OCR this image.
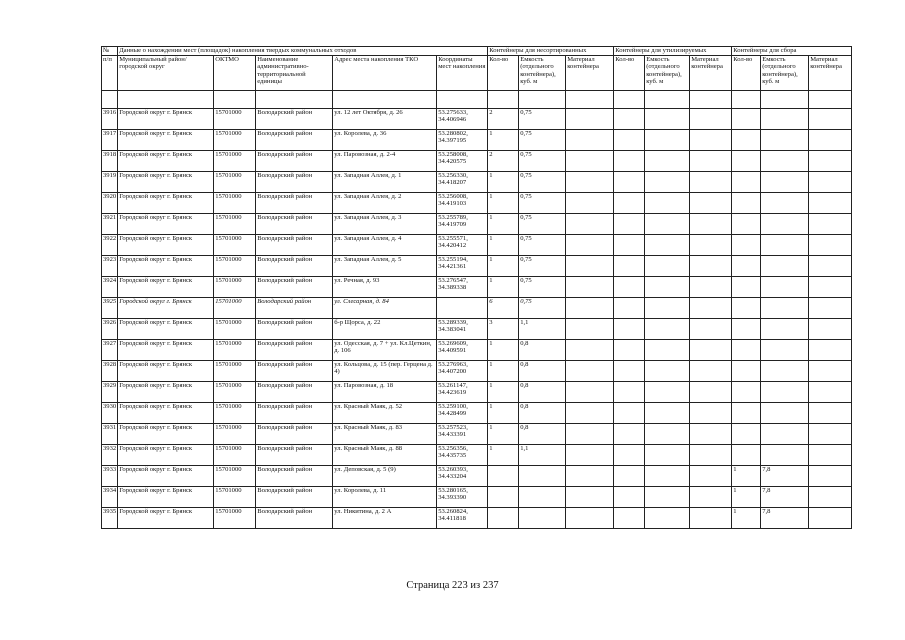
№	Данные о нахождении мест (площадок) накопления твердых коммунальных отходов					Контейнеры для несортированных			Контейнеры для утилизируемых			Контейнеры для сбора		
п/п	Муниципальный район/городской округ	ОКТМО	Наименование административно-территориальной единицы	Адрес места накопления ТКО	Координаты мест накопления	Кол-во	Емкость (отдельного контейнера), куб. м	Материал контейнера	Кол-во	Емкость (отдельного контейнера), куб. м	Материал контейнера	Кол-во	Емкость (отдельного контейнера), куб. м	Материал контейнера

3916	Городской округ г. Брянск	15701000	Володарский район	ул. 12 лет Октября, д. 26	53.275633, 34.406946	2	0,75							
3917	Городской округ г. Брянск	15701000	Володарский район	ул. Королева, д. 36	53.280802, 34.397195	1	0,75							
3918	Городской округ г. Брянск	15701000	Володарский район	ул. Паровозная, д. 2-4	53.258008, 34.420575	2	0,75							
3919	Городской округ г. Брянск	15701000	Володарский район	ул. Западная Аллея, д. 1	53.256330, 34.418207	1	0,75							
3920	Городской округ г. Брянск	15701000	Володарский район	ул. Западная Аллея, д. 2	53.256008, 34.419103	1	0,75							
3921	Городской округ г. Брянск	15701000	Володарский район	ул. Западная Аллея, д. 3	53.255789, 34.419709	1	0,75							
3922	Городской округ г. Брянск	15701000	Володарский район	ул. Западная Аллея, д. 4	53.255571, 34.420412	1	0,75							
3923	Городской округ г. Брянск	15701000	Володарский район	ул. Западная Аллея, д. 5	53.255194, 34.421361	1	0,75							
3924	Городской округ г. Брянск	15701000	Володарский район	ул. Речная, д. 93	53.276547, 34.389338	1	0,75							
3925	Городской округ г. Брянск	15701000	Володарский район	ул. Слесарная, д. 84		6	0,75							
3926	Городской округ г. Брянск	15701000	Володарский район	б-р Щорса, д. 22	53.289339, 34.383041	3	1,1							
3927	Городской округ г. Брянск	15701000	Володарский район	ул. Одесская, д. 7 + ул. Кл.Цеткин, д. 106	53.269609, 34.409591	1	0,8							
3928	Городской округ г. Брянск	15701000	Володарский район	ул. Кольцова, д. 15 (пер. Герцена д. 4)	53.276963, 34.407200	1	0,8							
3929	Городской округ г. Брянск	15701000	Володарский район	ул. Паровозная, д. 18	53.261147, 34.423619	1	0,8							
3930	Городской округ г. Брянск	15701000	Володарский район	ул. Красный Маяк, д. 52	53.259100, 34.428499	1	0,8							
3931	Городской округ г. Брянск	15701000	Володарский район	ул. Красный Маяк, д. 83	53.257523, 34.433391	1	0,8							
3932	Городской округ г. Брянск	15701000	Володарский район	ул. Красный Маяк, д. 88	53.256356, 34.435735	1	1,1							
3933	Городской округ г. Брянск	15701000	Володарский район	ул. Деповская, д. 5 (9)	53.260393, 34.433204							1	7,8	
3934	Городской округ г. Брянск	15701000	Володарский район	ул. Королева, д. 11	53.280165, 34.393390							1	7,8	
3935	Городской округ г. Брянск	15701000	Володарский район	ул. Никитина, д. 2 А	53.260824, 34.411818							1	7,8	
Страница 223 из 237
